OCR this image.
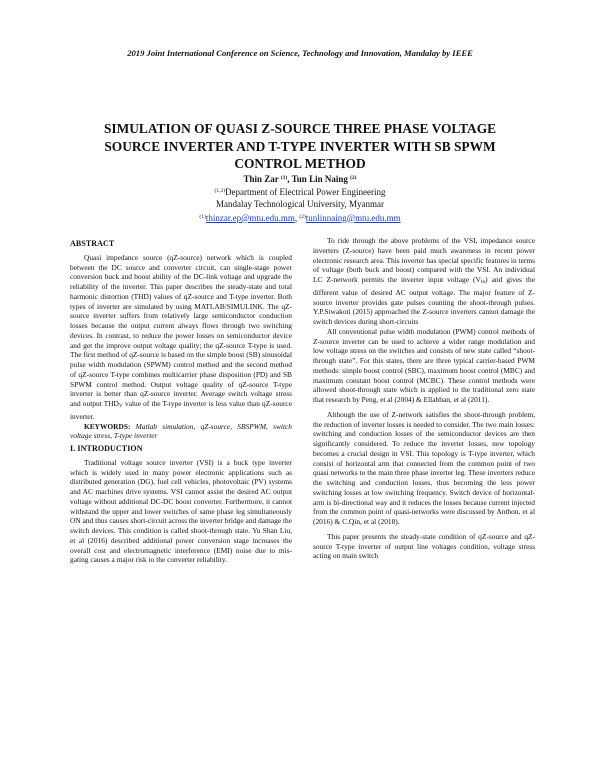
2019 Joint International Conference on Science, Technology and Innovation, Mandalay by IEEE
SIMULATION OF QUASI Z-SOURCE THREE PHASE VOLTAGE
SOURCE INVERTER AND T-TYPE INVERTER WITH SB SPWM
CONTROL METHOD
Thin Zar $^{(1)}$, Tun Lin Naing $^{(2)}$
$^{(1,2)}$Department of Electrical Power Engineering
Mandalay Technological University, Myanmar
$^{(1)}$thinzar.ep@mtu.edu.mm, $^{(2)}$tunlinnaing@mtu.edu.mm
ABSTRACT

Quasi impedance source (qZ-source) network which is coupled between the DC source and converter circuit, can single-stage power conversion buck and boost ability of the DC-link voltage and upgrade the reliability of the inverter. This paper describes the steady-state and total harmonic distortion (THD) values of qZ-source and T-type inverter. Both types of inverter are simulated by using MATLAB/SIMULINK. The qZ-source inverter suffers from relatively large semiconductor conduction losses because the output current always flows through two switching devices. In contrast, to reduce the power losses on semiconductor device and get the improve output voltage quality; the qZ-source T-type is used. The first method of qZ-source is based on the simple boost (SB) sinusoidal pulse width modulation (SPWM) control method and the second method of qZ-source T-type combines multicarrier phase disposition (PD) and SB SPWM control method. Output voltage quality of qZ-source T-type inverter is better than qZ-source inverter. Average switch voltage stress and output $THD_V$ value of the T-type inverter is less value than qZ-source inverter.

KEYWORDS: Matlab simulation, qZ-source, SBSPWM, switch voltage stress, T-type inverter

I. INTRODUCTION

Traditional voltage source inverter (VSI) is a buck type inverter which is widely used in many power electronic applications such as distributed generation (DG), fuel cell vehicles, photovoltaic (PV) systems and AC machines drive systems. VSI cannot assist the desired AC output voltage without additional DC-DC boost converter. Furthermore, it cannot withstand the upper and lower switches of same phase leg simultaneously ON and thus causes short-circuit across the inverter bridge and damage the switch devices. This condition is called shoot-through state. Yu Shan Liu, et al (2016) described additional power conversion stage increases the overall cost and electromagnetic interference (EMI) noise due to mis-gating causes a major risk to the converter reliability.

To ride through the above problems of the VSI, impedance source inverters (Z-source) have been paid much awareness in recent power electronic research area. This inverter has special specific features in terms of voltage (both buck and boost) compared with the VSI. An individual LC Z-network permits the inverter input voltage $(V_{in})$ and gives the different value of desired AC output voltage. The major feature of Z-source inverter provides gate pulses counting the shoot-through pulses. Y.P.Siwakoti (2015) approached the Z-source inverters cannot damage the switch devices during short-circuits

All conventional pulse width modulation (PWM) control methods of Z-source inverter can be used to achieve a wider range modulation and low voltage stress on the switches and consists of new state called “shoot-through state”. For this states, there are three typical carrier-based PWM methods: simple boost control (SBC), maximum boost control (MBC) and maximum constant boost control (MCBC). These control methods were allowed shoot-through state which is applied to the traditional zero state that research by Peng, et al (2004) & Ellabban, et al (2011).

Although the use of Z-network satisfies the shoot-through problem, the reduction of inverter losses is needed to consider. The two main losses: switching and conduction losses of the semiconductor devices are then significantly considered. To reduce the inverter losses, new topology becomes a crucial design in VSI. This topology is T-type inverter, which consist of horizontal arm that connected from the common point of two quasi networks to the main three phase inverter leg. These inverters reduce the switching and conduction losses, thus becoming the less power switching losses at low switching frequency. Switch device of horizontal-arm is bi-directional way and it reduces the losses because current injected from the common point of quasi-networks were discussed by Anthon, et al (2016) & C.Qin, et al (2018).

This paper presents the steady-state condition of qZ-source and qZ-source T-type inverter of output line voltages condition, voltage stress acting on main switch
